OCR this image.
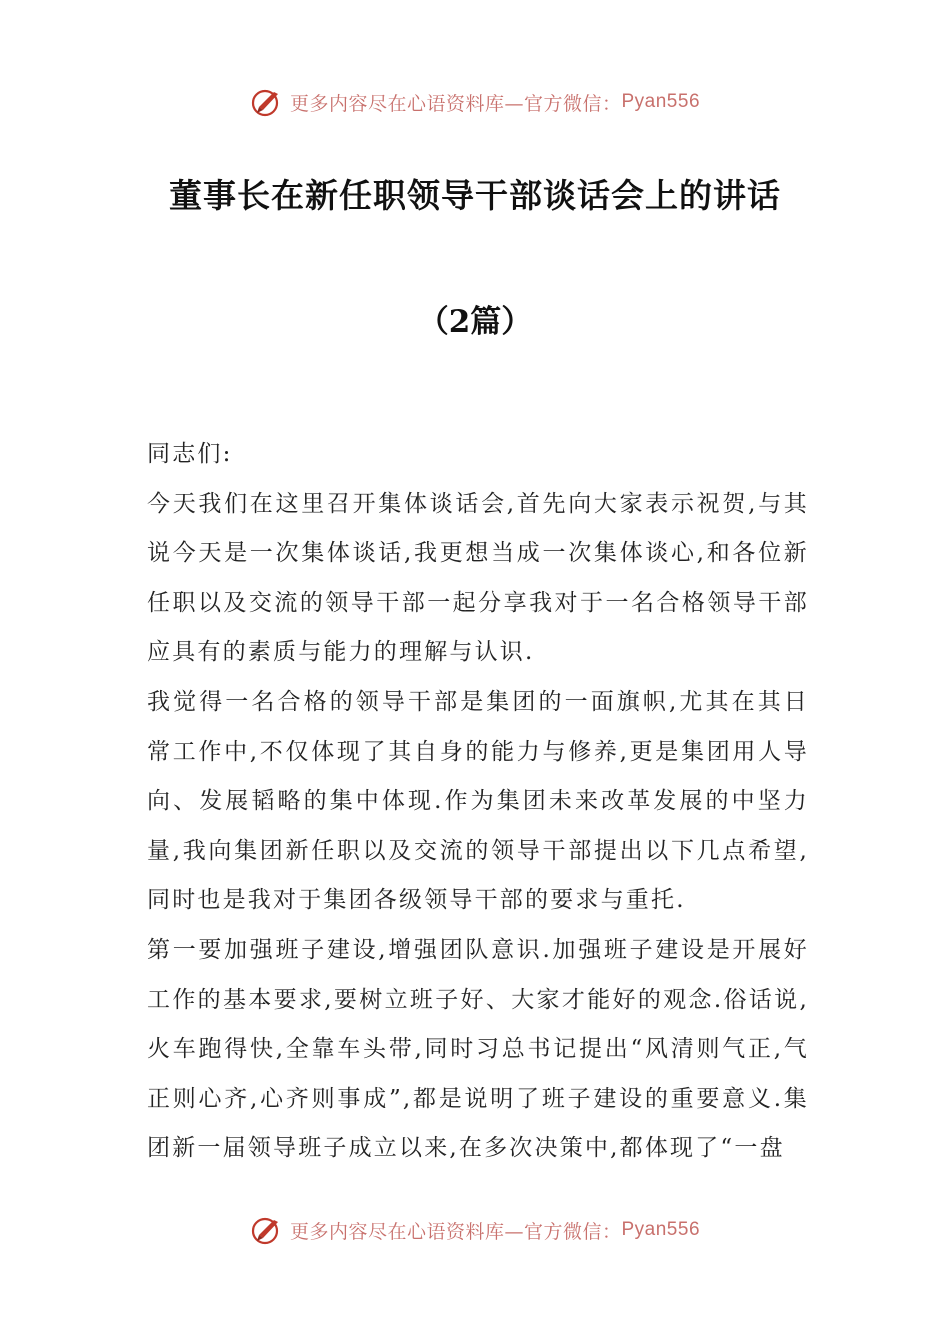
更多内容尽在心语资料库—官方微信： Pyan556
董事长在新任职领导干部谈话会上的讲话
（2篇）

同志们:

今天我们在这里召开集体谈话会,首先向大家表示祝贺,与其说今天是一次集体谈话,我更想当成一次集体谈心,和各位新任职以及交流的领导干部一起分享我对于一名合格领导干部应具有的素质与能力的理解与认识.

我觉得一名合格的领导干部是集团的一面旗帜,尤其在其日常工作中,不仅体现了其自身的能力与修养,更是集团用人导向、发展韬略的集中体现.作为集团未来改革发展的中坚力量,我向集团新任职以及交流的领导干部提出以下几点希望,同时也是我对于集团各级领导干部的要求与重托.

第一要加强班子建设,增强团队意识.加强班子建设是开展好工作的基本要求,要树立班子好、大家才能好的观念.俗话说,火车跑得快,全靠车头带,同时习总书记提出“风清则气正,气正则心齐,心齐则事成”,都是说明了班子建设的重要意义.集团新一届领导班子成立以来,在多次决策中,都体现了“一盘

更多内容尽在心语资料库—官方微信： Pyan556
